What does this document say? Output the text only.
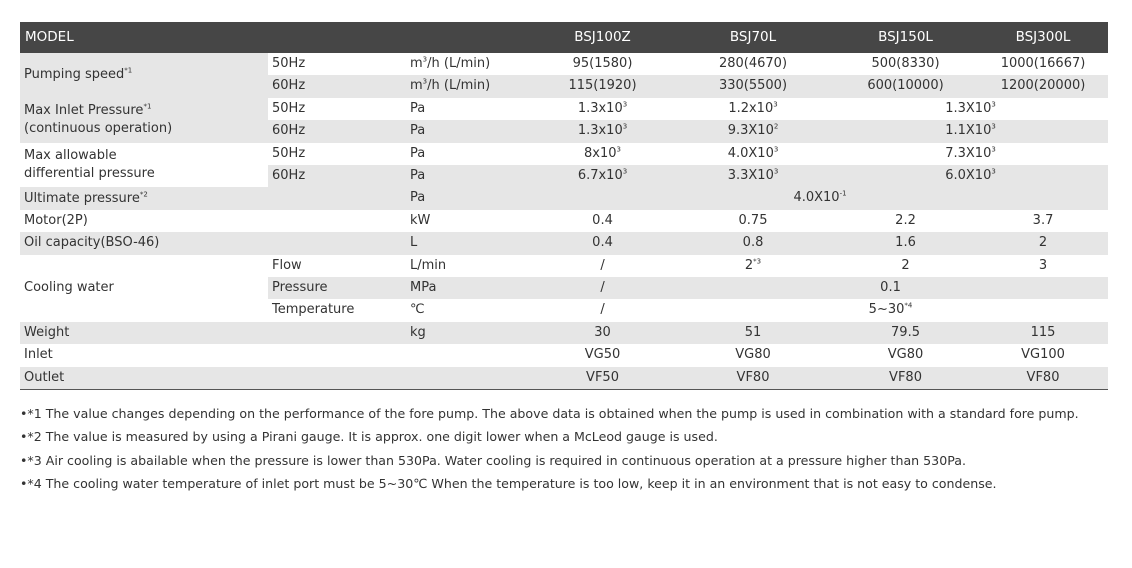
MODEL			BSJ100Z	BSJ70L	BSJ150L	BSJ300L
Pumping speed$^{*1}$	50Hz	$m^3/h$ (L/min)	95(1580)	280(4670)	500(8330)	1000(16667)
	60Hz	$m^3/h$ (L/min)	115(1920)	330(5500)	600(10000)	1200(20000)
Max Inlet Pressure$^{*1}$
(continuous operation)	50Hz	Pa	$1.3x10^3$	$1.2x10^3$	$1.3X10^3$
	60Hz	Pa	$1.3x10^3$	$9.3X10^2$	$1.1X10^3$
Max allowable
differential pressure	50Hz	Pa	$8x10^3$	$4.0X10^3$	$7.3X10^3$
	60Hz	Pa	$6.7x10^3$	$3.3X10^3$	$6.0X10^3$
Ultimate pressure$^{*2}$		Pa	$4.0X10^{-1}$
Motor(2P)		kW	0.4	0.75	2.2	3.7
Oil capacity(BSO-46)		L	0.4	0.8	1.6	2
Cooling water	Flow	L/min	/	2$^{*3}$	2	3
	Pressure	MPa	/	0.1		
	Temperature	℃	/	5~30$^{*4}$
Weight		kg	30	51	79.5	115
Inlet			VG50	VG80	VG80	VG100
Outlet			VF50	VF80	VF80	VF80
•*1 The value changes depending on the performance of the fore pump. The above data is obtained when the pump is used in combination with a standard fore pump.
•*2 The value is measured by using a Pirani gauge. It is approx. one digit lower when a McLeod gauge is used.
•*3 Air cooling is abailable when the pressure is lower than 530Pa. Water cooling is required in continuous operation at a pressure higher than 530Pa.
•*4 The cooling water temperature of inlet port must be 5~30℃ When the temperature is too low, keep it in an environment that is not easy to condense.
